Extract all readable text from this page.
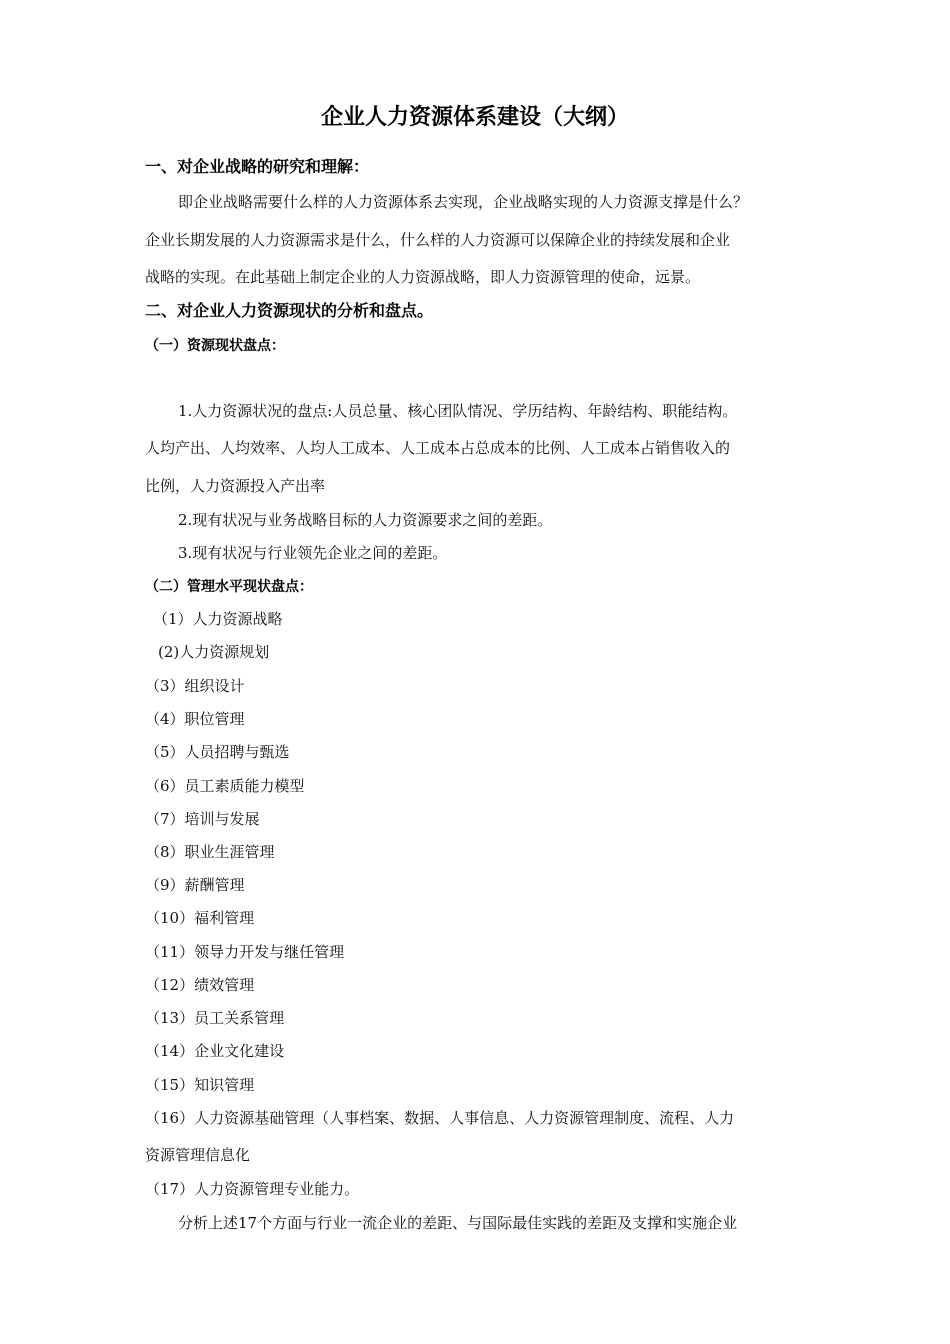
企业人力资源体系建设（大纲）
一、对企业战略的研究和理解：
即企业战略需要什么样的人力资源体系去实现，企业战略实现的人力资源支撑是什么？
企业长期发展的人力资源需求是什么，什么样的人力资源可以保障企业的持续发展和企业
战略的实现。在此基础上制定企业的人力资源战略，即人力资源管理的使命，远景。
二、对企业人力资源现状的分析和盘点。
（一）资源现状盘点：
1.人力资源状况的盘点:人员总量、核心团队情况、学历结构、年龄结构、职能结构。
人均产出、人均效率、人均人工成本、人工成本占总成本的比例、人工成本占销售收入的
比例，人力资源投入产出率
2.现有状况与业务战略目标的人力资源要求之间的差距。
3.现有状况与行业领先企业之间的差距。
（二）管理水平现状盘点：
（1）人力资源战略
(2)人力资源规划
（3）组织设计
（4）职位管理
（5）人员招聘与甄选
（6）员工素质能力模型
（7）培训与发展
（8）职业生涯管理
（9）薪酬管理
（10）福利管理
（11）领导力开发与继任管理
（12）绩效管理
（13）员工关系管理
（14）企业文化建设
（15）知识管理
（16）人力资源基础管理（人事档案、数据、人事信息、人力资源管理制度、流程、人力
资源管理信息化
（17）人力资源管理专业能力。
分析上述17个方面与行业一流企业的差距、与国际最佳实践的差距及支撑和实施企业
